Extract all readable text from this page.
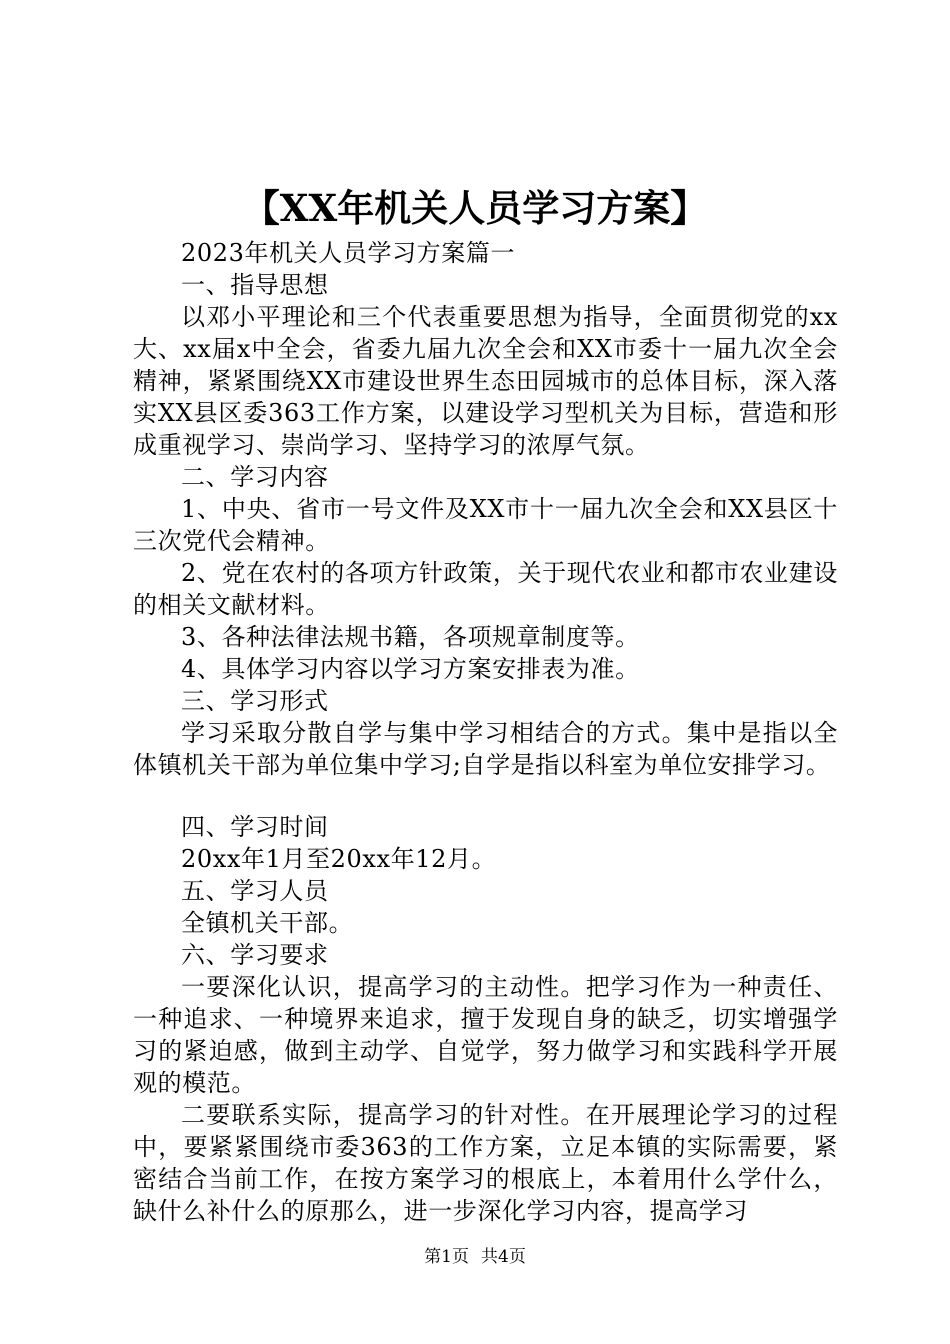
【XX年机关人员学习方案】

2023年机关人员学习方案篇一

一、指导思想

以邓小平理论和三个代表重要思想为指导，全面贯彻党的xx大、xx届x中全会，省委九届九次全会和XX市委十一届九次全会精神，紧紧围绕XX市建设世界生态田园城市的总体目标，深入落实XX县区委363工作方案，以建设学习型机关为目标，营造和形成重视学习、崇尚学习、坚持学习的浓厚气氛。

二、学习内容

1、中央、省市一号文件及XX市十一届九次全会和XX县区十三次党代会精神。

2、党在农村的各项方针政策，关于现代农业和都市农业建设的相关文献材料。

3、各种法律法规书籍，各项规章制度等。

4、具体学习内容以学习方案安排表为准。

三、学习形式

学习采取分散自学与集中学习相结合的方式。集中是指以全体镇机关干部为单位集中学习;自学是指以科室为单位安排学习。

四、学习时间

20xx年1月至20xx年12月。

五、学习人员

全镇机关干部。

六、学习要求

一要深化认识，提高学习的主动性。把学习作为一种责任、一种追求、一种境界来追求，擅于发现自身的缺乏，切实增强学习的紧迫感，做到主动学、自觉学，努力做学习和实践科学开展观的模范。

二要联系实际，提高学习的针对性。在开展理论学习的过程中，要紧紧围绕市委363的工作方案，立足本镇的实际需要，紧密结合当前工作，在按方案学习的根底上，本着用什么学什么，缺什么补什么的原那么，进一步深化学习内容，提高学习

第1页 共4页
